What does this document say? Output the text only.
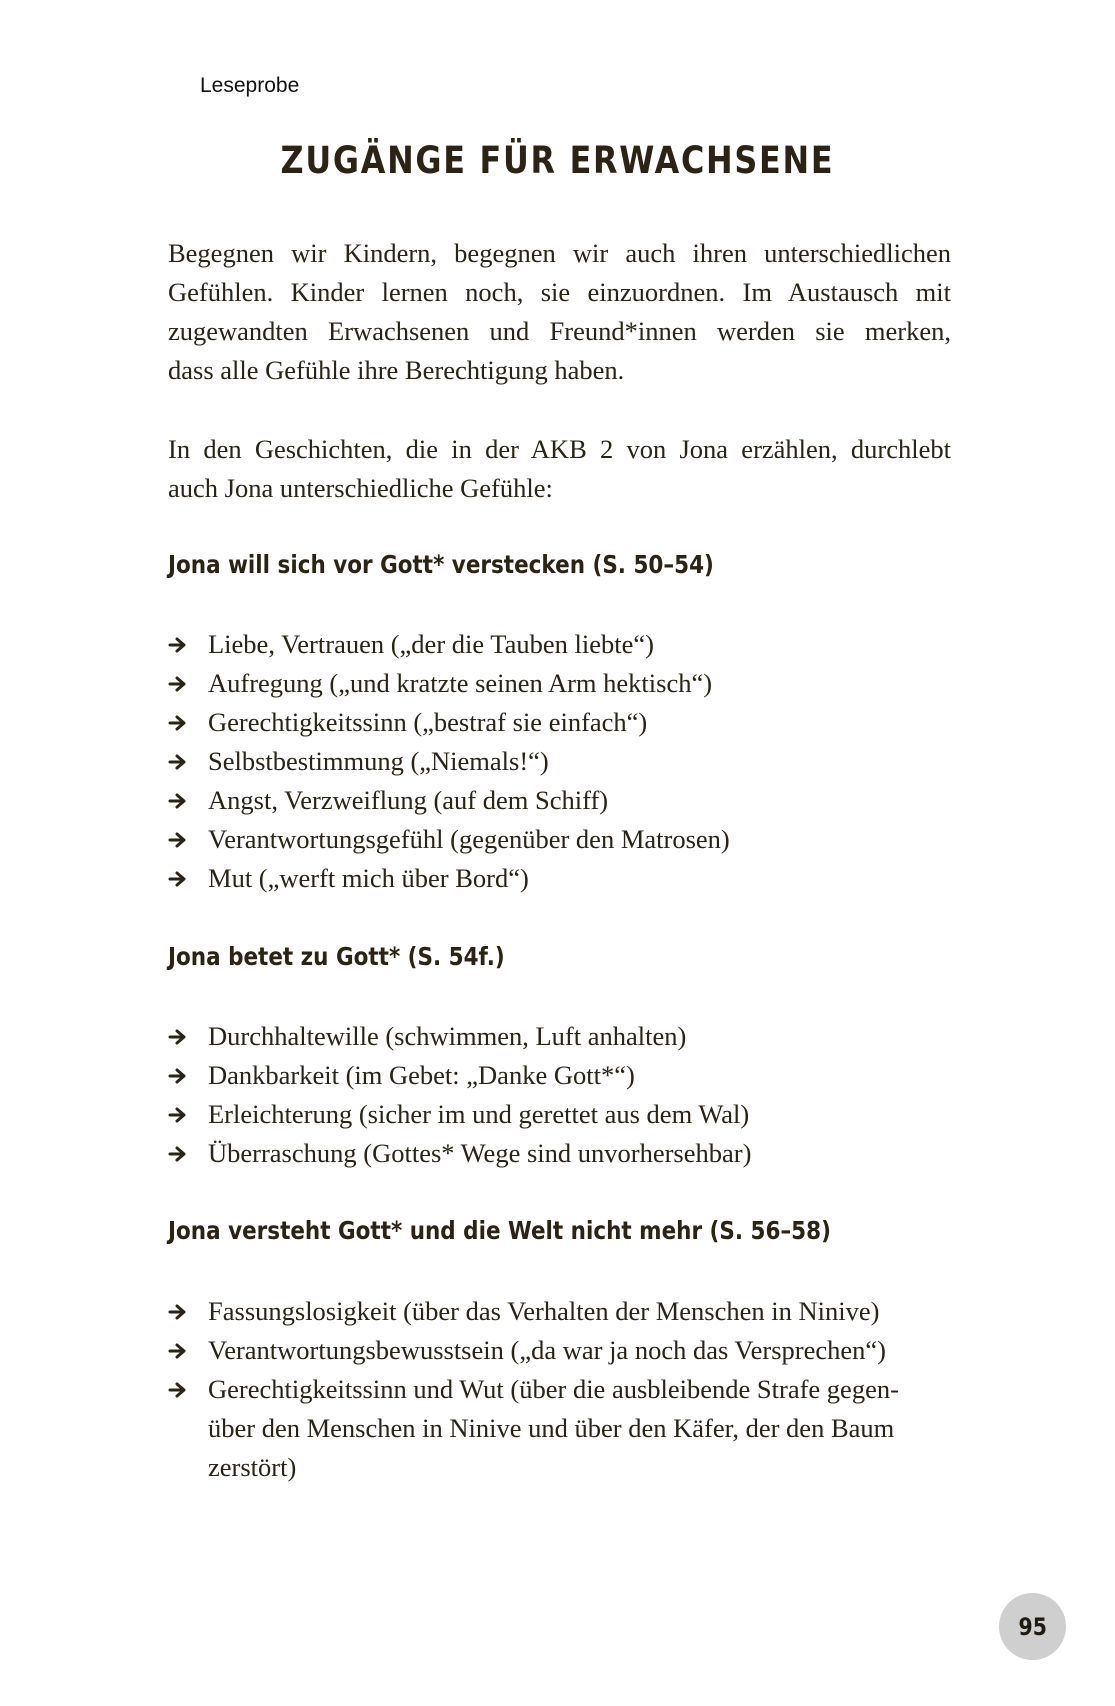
Leseprobe
ZUGÄNGE FÜR ERWACHSENE

Begegnen wir Kindern, begegnen wir auch ihren unterschiedlichen
Gefühlen. Kinder lernen noch, sie einzuordnen. Im Austausch mit
zugewandten Erwachsenen und Freund*innen werden sie merken,
dass alle Gefühle ihre Berechtigung haben.

In den Geschichten, die in der AKB 2 von Jona erzählen, durchlebt
auch Jona unterschiedliche Gefühle:

Jona will sich vor Gott* verstecken (S. 50–54)
Liebe, Vertrauen („der die Tauben liebte“)
Aufregung („und kratzte seinen Arm hektisch“)
Gerechtigkeitssinn („bestraf sie einfach“)
Selbstbestimmung („Niemals!“)
Angst, Verzweiflung (auf dem Schiff)
Verantwortungsgefühl (gegenüber den Matrosen)
Mut („werft mich über Bord“)
Jona betet zu Gott* (S. 54f.)
Durchhaltewille (schwimmen, Luft anhalten)
Dankbarkeit (im Gebet: „Danke Gott*“)
Erleichterung (sicher im und gerettet aus dem Wal)
Überraschung (Gottes* Wege sind unvorhersehbar)
Jona versteht Gott* und die Welt nicht mehr (S. 56–58)
Fassungslosigkeit (über das Verhalten der Menschen in Ninive)
Verantwortungsbewusstsein („da war ja noch das Versprechen“)
Gerechtigkeitssinn und Wut (über die ausbleibende Strafe gegen-
über den Menschen in Ninive und über den Käfer, der den Baum
zerstört)
95
